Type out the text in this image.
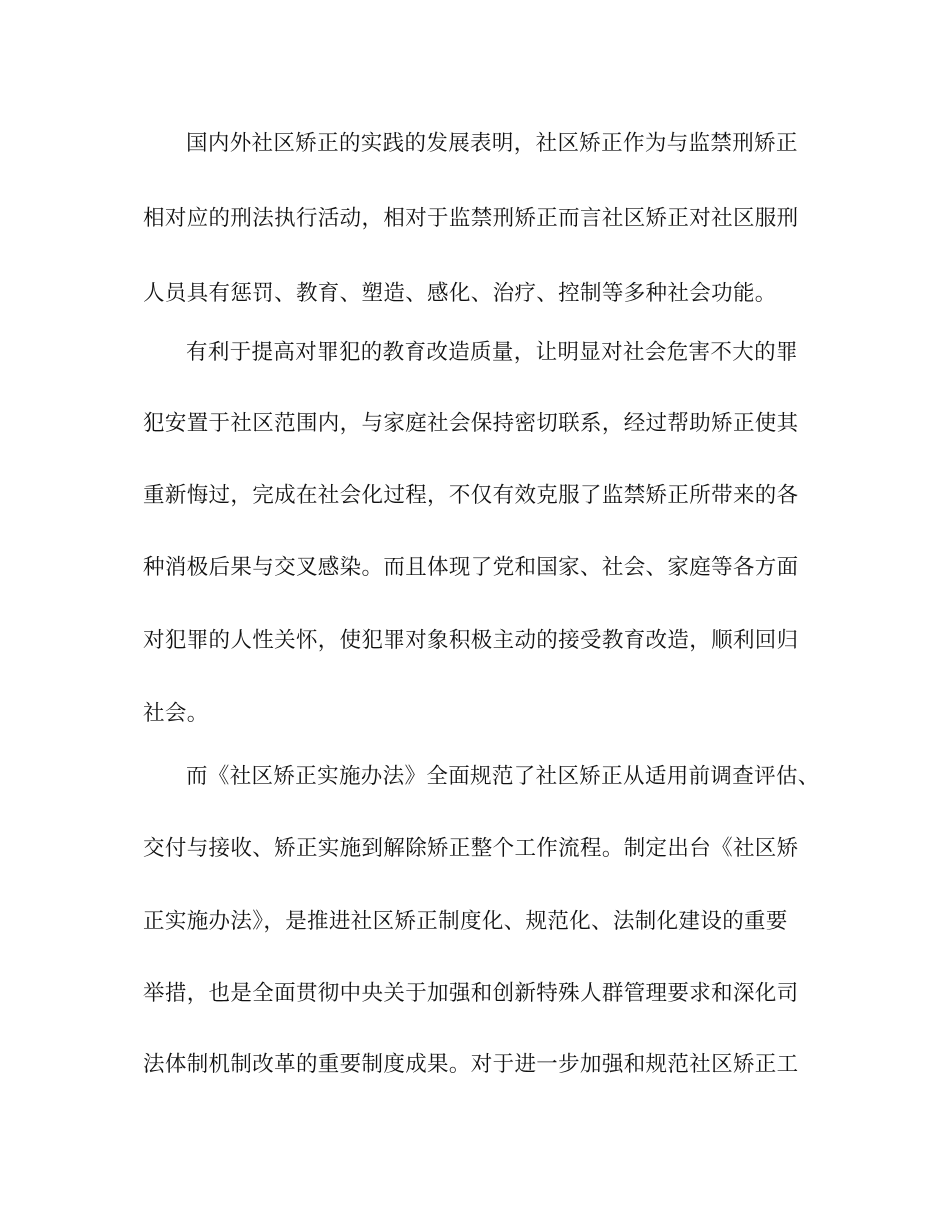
国内外社区矫正的实践的发展表明，社区矫正作为与监禁刑矫正
相对应的刑法执行活动，相对于监禁刑矫正而言社区矫正对社区服刑
人员具有惩罚、教育、塑造、感化、治疗、控制等多种社会功能。
有利于提高对罪犯的教育改造质量，让明显对社会危害不大的罪
犯安置于社区范围内，与家庭社会保持密切联系，经过帮助矫正使其
重新悔过，完成在社会化过程，不仅有效克服了监禁矫正所带来的各
种消极后果与交叉感染。而且体现了党和国家、社会、家庭等各方面
对犯罪的人性关怀，使犯罪对象积极主动的接受教育改造，顺利回归
社会。
而《社区矫正实施办法》全面规范了社区矫正从适用前调查评估、
交付与接收、矫正实施到解除矫正整个工作流程。制定出台《社区矫
正实施办法》，是推进社区矫正制度化、规范化、法制化建设的重要
举措，也是全面贯彻中央关于加强和创新特殊人群管理要求和深化司
法体制机制改革的重要制度成果。对于进一步加强和规范社区矫正工
